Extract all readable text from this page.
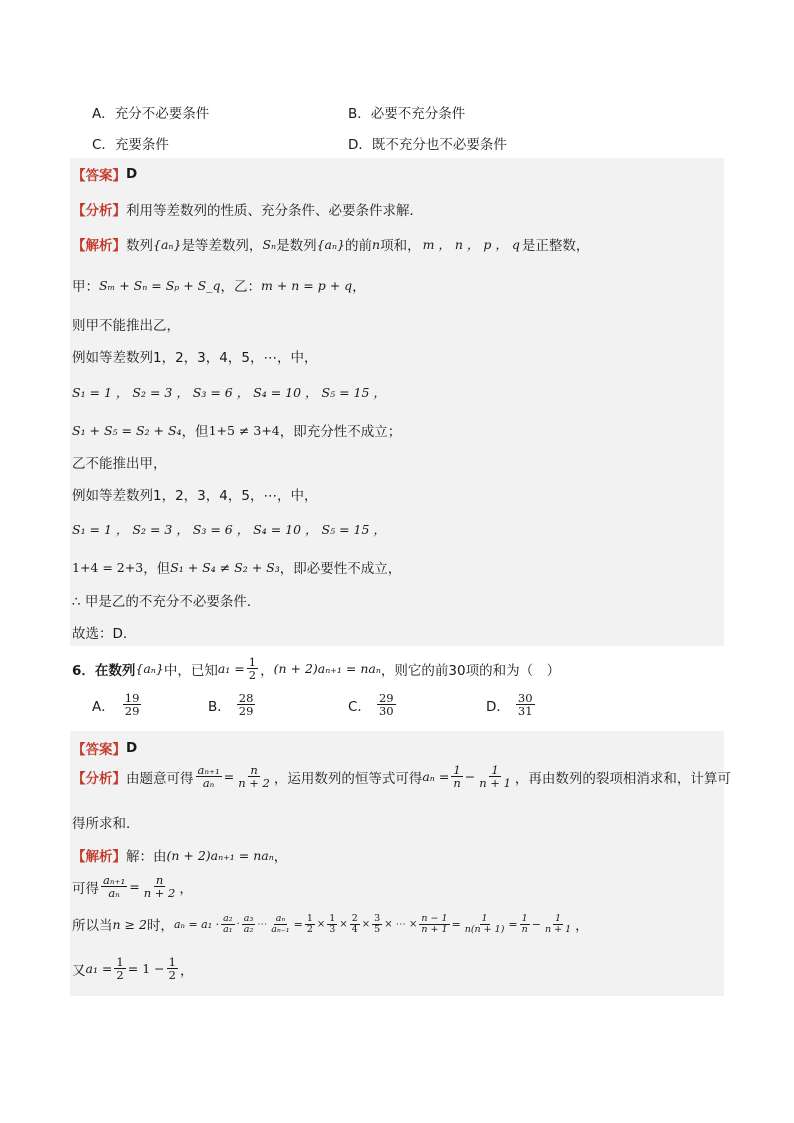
A．充分不必要条件	B．必要不充分条件
C．充要条件	D．既不充分也不必要条件
【答案】 D
【分析】 利用等差数列的性质、充分条件、必要条件求解．
【解析】 数列 {aₙ} 是等差数列， Sₙ 是数列 {aₙ} 的前 n 项和， m ， n ， p ， q 是正整数，
甲： Sₘ + Sₙ = Sₚ + S_q ，乙： m + n = p + q ，
则甲不能推出乙，
例如等差数列1，2，3，4，5，⋯，中，
S₁ = 1 ， S₂ = 3 ， S₃ = 6 ， S₄ = 10 ， S₅ = 15 ，
S₁ + S₅ = S₂ + S₄ ，但 1+5 ≠ 3+4 ，即充分性不成立；
乙不能推出甲，
例如等差数列1，2，3，4，5，⋯，中，
S₁ = 1 ， S₂ = 3 ， S₃ = 6 ， S₄ = 10 ， S₅ = 15 ，
1+4 = 2+3 ，但 S₁ + S₄ ≠ S₂ + S₃ ，即必要性不成立，
∴ 甲是乙的不充分不必要条件．
故选：D．
6．在数列 {aₙ} 中，已知 $a_1 = \frac{1}{2}$ ， (n + 2)aₙ₊₁ = naₙ ，则它的前30项的和为（　）
A． $\frac{19}{29}$	B． $\frac{28}{29}$	C． $\frac{29}{30}$	D． $\frac{30}{31}$
【答案】 D
【分析】 由题意可得 $\frac{\text{aₙ₊₁}}{\text{aₙ}} = \frac{n}{n + 2}$ ，运用数列的恒等式可得 $a_n = \frac{1}{n} - \frac{1}{n + 1}$ ，再由数列的裂项相消求和，计算可
得所求和．
【解析】 解：由 (n + 2)aₙ₊₁ = naₙ ，
可得 $\frac{\text{aₙ₊₁}}{\text{aₙ}} = \frac{n}{n + 2}$ ，
所以当 n ≥ 2 时， $a_n = a_1 \cdot \frac{\text{a₂}}{\text{a₁}} \cdot \frac{\text{a₃}}{\text{a₂}}$ ⋯ $\frac{\text{aₙ}}{\text{aₙ₋₁}} = \frac{1}{2} \times \frac{1}{3} \times \frac{2}{4} \times \frac{3}{5}$ × ⋯ × $\frac{n - 1}{n + 1} = \frac{1}{n(n + 1)} = \frac{1}{n} - \frac{1}{n + 1}$ ，
又 $a_1 = \frac{1}{2} = 1 - \frac{1}{2}$ ，
